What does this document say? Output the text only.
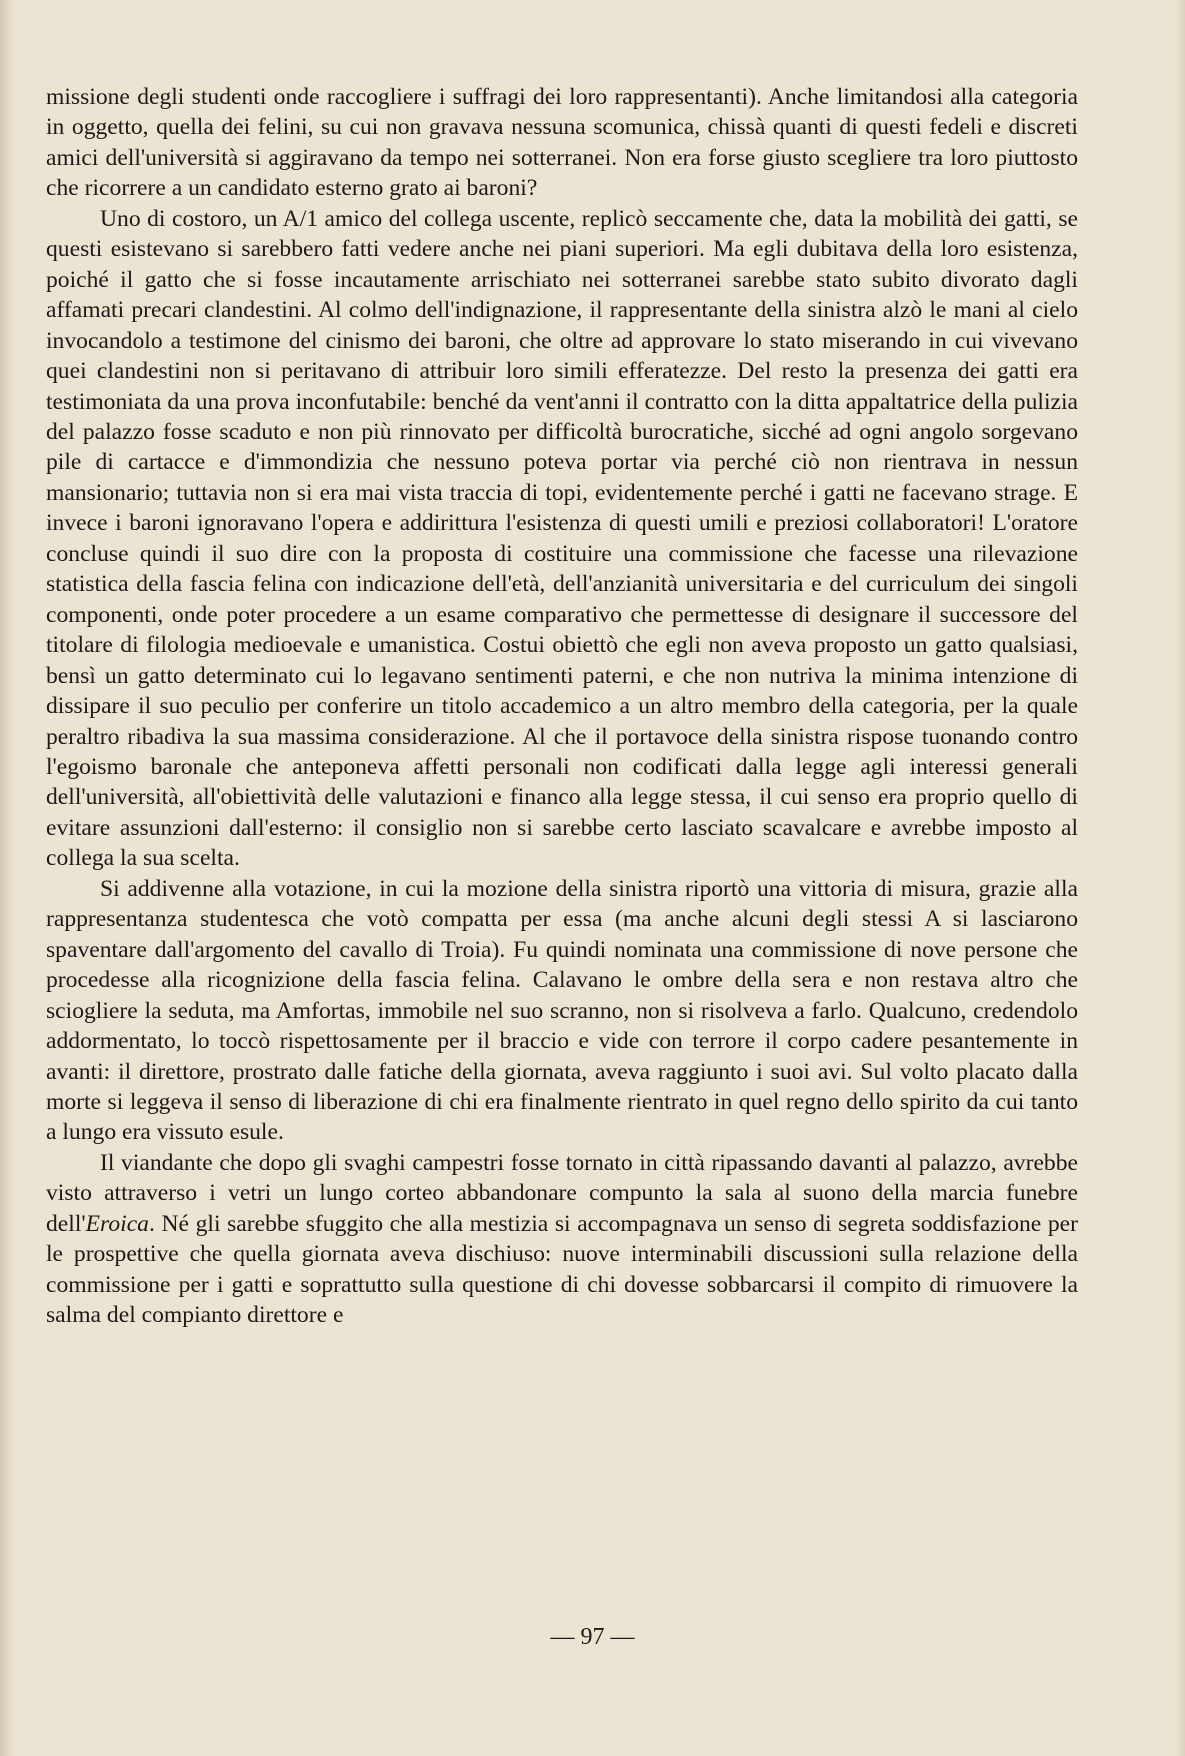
missione degli studenti onde raccogliere i suffragi dei loro rappresentanti). Anche limitandosi alla categoria in oggetto, quella dei felini, su cui non gravava nessuna scomunica, chissà quanti di questi fedeli e discreti amici dell'università si aggiravano da tempo nei sotterranei. Non era forse giusto scegliere tra loro piuttosto che ricorrere a un candidato esterno grato ai baroni?

Uno di costoro, un A/1 amico del collega uscente, replicò seccamente che, data la mobilità dei gatti, se questi esistevano si sarebbero fatti vedere anche nei piani superiori. Ma egli dubitava della loro esistenza, poiché il gatto che si fosse incautamente arrischiato nei sotterranei sarebbe stato subito divorato dagli affamati precari clandestini. Al colmo dell'indignazione, il rappresentante della sinistra alzò le mani al cielo invocandolo a testimone del cinismo dei baroni, che oltre ad approvare lo stato miserando in cui vivevano quei clandestini non si peritavano di attribuir loro simili efferatezze. Del resto la presenza dei gatti era testimoniata da una prova inconfutabile: benché da vent'anni il contratto con la ditta appaltatrice della pulizia del palazzo fosse scaduto e non più rinnovato per difficoltà burocratiche, sicché ad ogni angolo sorgevano pile di cartacce e d'immondizia che nessuno poteva portar via perché ciò non rientrava in nessun mansionario; tuttavia non si era mai vista traccia di topi, evidentemente perché i gatti ne facevano strage. E invece i baroni ignoravano l'opera e addirittura l'esistenza di questi umili e preziosi collaboratori! L'oratore concluse quindi il suo dire con la proposta di costituire una commissione che facesse una rilevazione statistica della fascia felina con indicazione dell'età, dell'anzianità universitaria e del curriculum dei singoli componenti, onde poter procedere a un esame comparativo che permettesse di designare il successore del titolare di filologia medioevale e umanistica. Costui obiettò che egli non aveva proposto un gatto qualsiasi, bensì un gatto determinato cui lo legavano sentimenti paterni, e che non nutriva la minima intenzione di dissipare il suo peculio per conferire un titolo accademico a un altro membro della categoria, per la quale peraltro ribadiva la sua massima considerazione. Al che il portavoce della sinistra rispose tuonando contro l'egoismo baronale che anteponeva affetti personali non codificati dalla legge agli interessi generali dell'università, all'obiettività delle valutazioni e financo alla legge stessa, il cui senso era proprio quello di evitare assunzioni dall'esterno: il consiglio non si sarebbe certo lasciato scavalcare e avrebbe imposto al collega la sua scelta.

Si addivenne alla votazione, in cui la mozione della sinistra riportò una vittoria di misura, grazie alla rappresentanza studentesca che votò compatta per essa (ma anche alcuni degli stessi A si lasciarono spaventare dall'argomento del cavallo di Troia). Fu quindi nominata una commissione di nove persone che procedesse alla ricognizione della fascia felina. Calavano le ombre della sera e non restava altro che sciogliere la seduta, ma Amfortas, immobile nel suo scranno, non si risolveva a farlo. Qualcuno, credendolo addormentato, lo toccò rispettosamente per il braccio e vide con terrore il corpo cadere pesantemente in avanti: il direttore, prostrato dalle fatiche della giornata, aveva raggiunto i suoi avi. Sul volto placato dalla morte si leggeva il senso di liberazione di chi era finalmente rientrato in quel regno dello spirito da cui tanto a lungo era vissuto esule.

Il viandante che dopo gli svaghi campestri fosse tornato in città ripassando davanti al palazzo, avrebbe visto attraverso i vetri un lungo corteo abbandonare compunto la sala al suono della marcia funebre dell'Eroica. Né gli sarebbe sfuggito che alla mestizia si accompagnava un senso di segreta soddisfazione per le prospettive che quella giornata aveva dischiuso: nuove interminabili discussioni sulla relazione della commissione per i gatti e soprattutto sulla questione di chi dovesse sobbarcarsi il compito di rimuovere la salma del compianto direttore e

— 97 —
